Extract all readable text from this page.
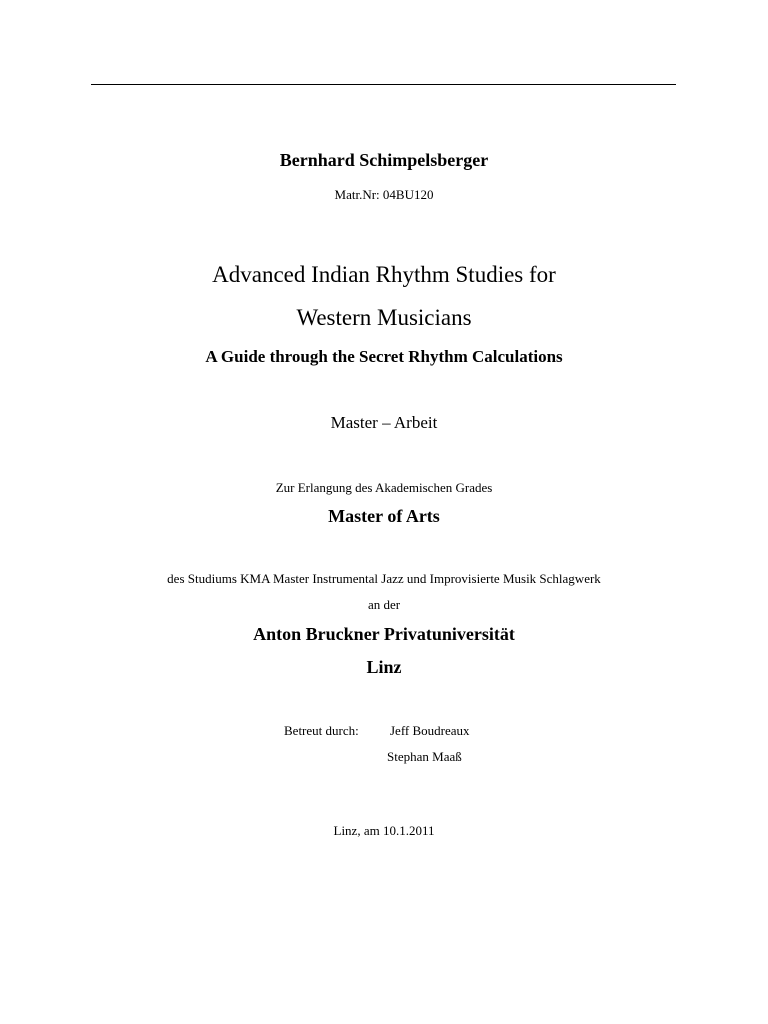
Bernhard Schimpelsberger
Matr.Nr: 04BU120
Advanced Indian Rhythm Studies for
Western Musicians
A Guide through the Secret Rhythm Calculations
Master – Arbeit
Zur Erlangung des Akademischen Grades
Master of Arts
des Studiums KMA Master Instrumental Jazz und Improvisierte Musik Schlagwerk
an der
Anton Bruckner Privatuniversität
Linz
Betreut durch: Jeff Boudreaux
Stephan Maaß
Linz, am 10.1.2011
